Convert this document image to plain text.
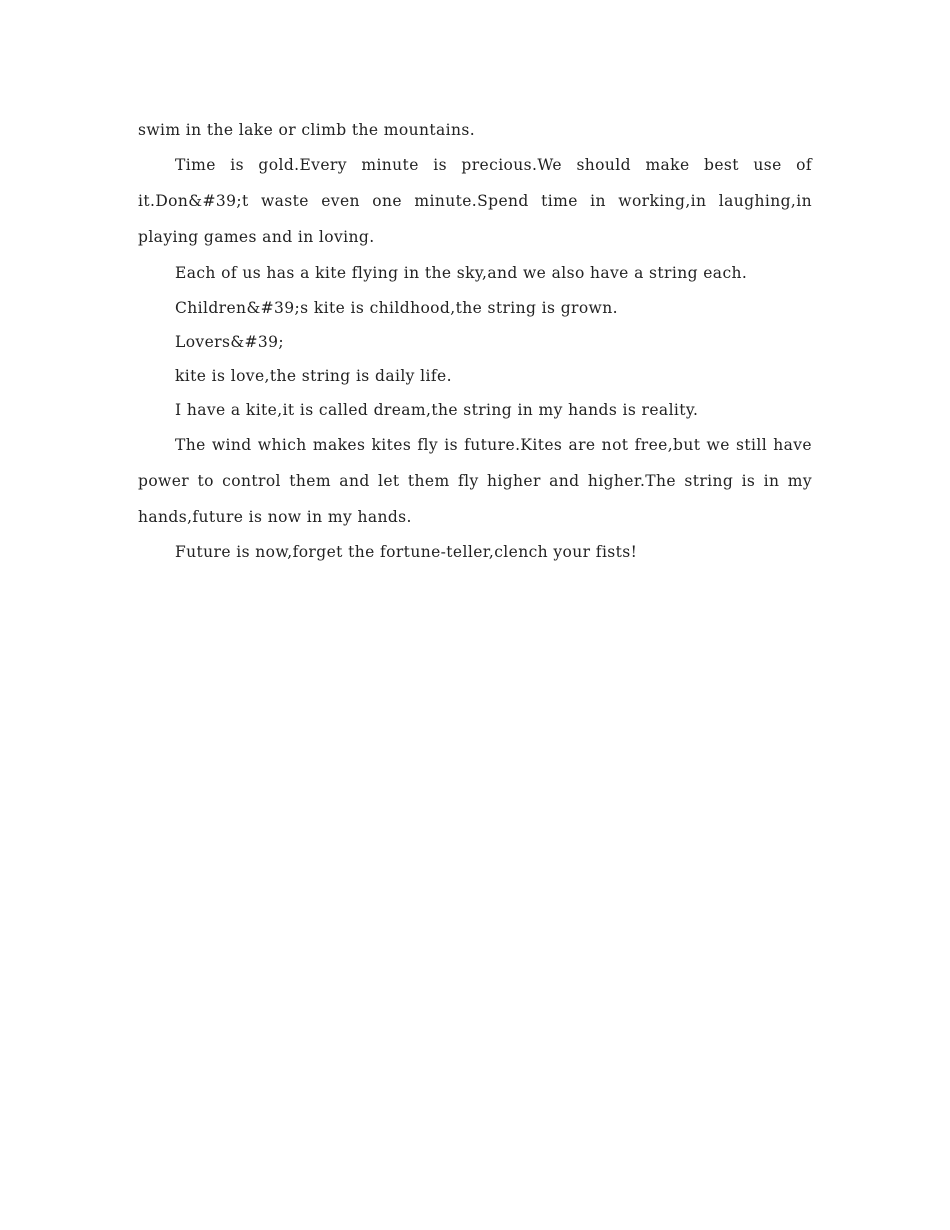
swim in the lake or climb the mountains.

Time is gold.Every minute is precious.We should make best use of it.Don&#39;t waste even one minute.Spend time in working,in laughing,in playing games and in loving.

Each of us has a kite flying in the sky,and we also have a string each.

Children&#39;s kite is childhood,the string is grown.

Lovers&#39;

kite is love,the string is daily life.

I have a kite,it is called dream,the string in my hands is reality.

The wind which makes kites fly is future.Kites are not free,but we still have power to control them and let them fly higher and higher.The string is in my hands,future is now in my hands.

Future is now,forget the fortune-teller,clench your fists!
